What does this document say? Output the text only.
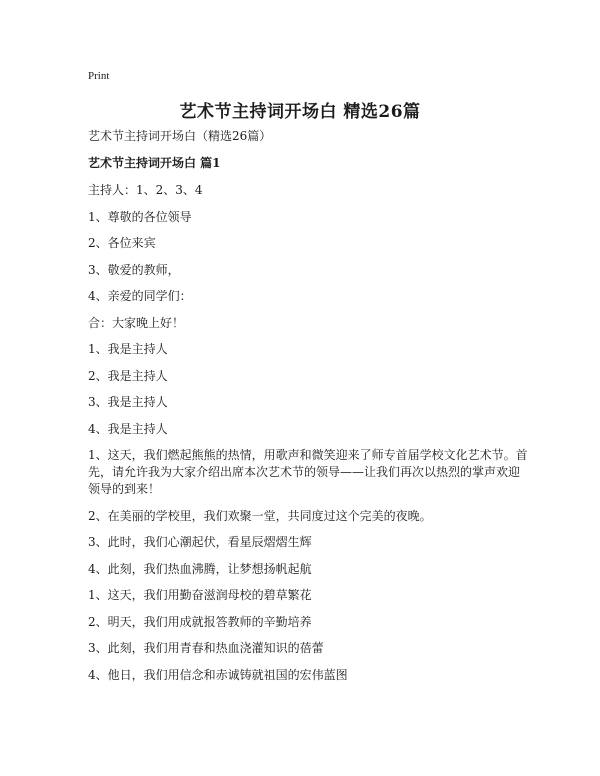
Print
艺术节主持词开场白 精选26篇

艺术节主持词开场白（精选26篇）

艺术节主持词开场白 篇1

主持人：1、2、3、4

1、尊敬的各位领导

2、各位来宾

3、敬爱的教师，

4、亲爱的同学们：

合：大家晚上好！

1、我是主持人

2、我是主持人

3、我是主持人

4、我是主持人

1、这天，我们燃起熊熊的热情，用歌声和微笑迎来了师专首届学校文化艺术节。首先，请允许我为大家介绍出席本次艺术节的领导——让我们再次以热烈的掌声欢迎领导的到来！

2、在美丽的学校里，我们欢聚一堂，共同度过这个完美的夜晚。

3、此时，我们心潮起伏，看星辰熠熠生辉

4、此刻，我们热血沸腾，让梦想扬帆起航

1、这天，我们用勤奋滋润母校的碧草繁花

2、明天，我们用成就报答教师的辛勤培养

3、此刻，我们用青春和热血浇灌知识的蓓蕾

4、他日，我们用信念和赤诚铸就祖国的宏伟蓝图
